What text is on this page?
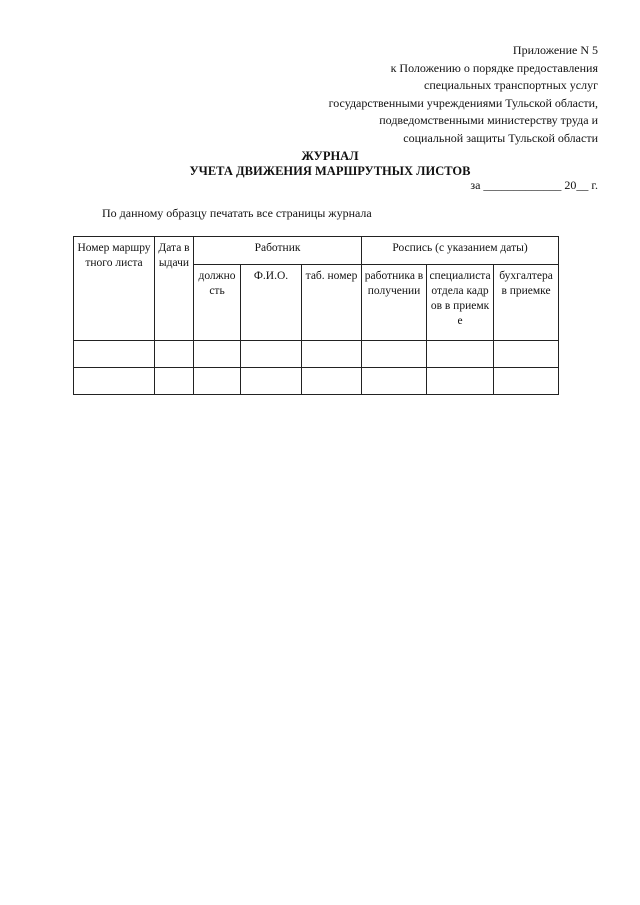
Приложение N 5
к Положению о порядке предоставления
специальных транспортных услуг
государственными учреждениями Тульской области,
подведомственными министерству труда и
социальной защиты Тульской области
ЖУРНАЛ
УЧЕТА ДВИЖЕНИЯ МАРШРУТНЫХ ЛИСТОВ
за _____________ 20__ г.
По данному образцу печатать все страницы журнала
Номер маршрутного листа	Дата выдачи	Работник			Роспись (с указанием даты)		
		должность	Ф.И.О.	таб. номер	работника в получении	специалиста отдела кадров в приемке	бухгалтера в приемке
